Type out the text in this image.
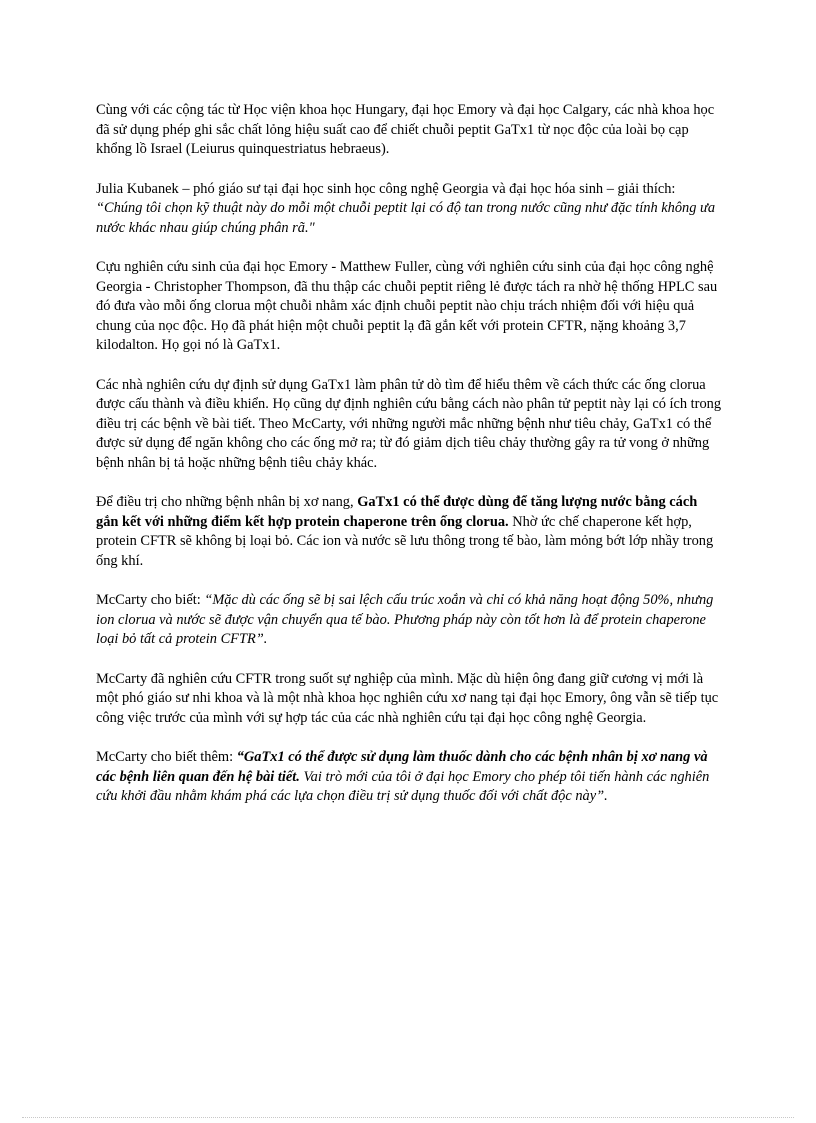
Cùng với các cộng tác từ Học viện khoa học Hungary, đại học Emory và đại học Calgary, các nhà khoa học đã sử dụng phép ghi sắc chất lỏng hiệu suất cao để chiết chuỗi peptit GaTx1 từ nọc độc của loài bọ cạp khổng lồ Israel (Leiurus quinquestriatus hebraeus).

Julia Kubanek – phó giáo sư tại đại học sinh học công nghệ Georgia và đại học hóa sinh – giải thích: “Chúng tôi chọn kỹ thuật này do mỗi một chuỗi peptit lại có độ tan trong nước cũng như đặc tính không ưa nước khác nhau giúp chúng phân rã."

Cựu nghiên cứu sinh của đại học Emory - Matthew Fuller, cùng với nghiên cứu sinh của đại học công nghệ Georgia - Christopher Thompson, đã thu thập các chuỗi peptit riêng lẻ được tách ra nhờ hệ thống HPLC sau đó đưa vào mỗi ống clorua một chuỗi nhằm xác định chuỗi peptit nào chịu trách nhiệm đối với hiệu quả chung của nọc độc. Họ đã phát hiện một chuỗi peptit lạ đã gắn kết với protein CFTR, nặng khoảng 3,7 kilodalton. Họ gọi nó là GaTx1.

Các nhà nghiên cứu dự định sử dụng GaTx1 làm phân tử dò tìm để hiểu thêm về cách thức các ống clorua được cấu thành và điều khiển. Họ cũng dự định nghiên cứu bằng cách nào phân tử peptit này lại có ích trong điều trị các bệnh về bài tiết. Theo McCarty, với những người mắc những bệnh như tiêu chảy, GaTx1 có thể được sử dụng để ngăn không cho các ống mở ra; từ đó giảm dịch tiêu chảy thường gây ra tử vong ở những bệnh nhân bị tả hoặc những bệnh tiêu chảy khác.

Để điều trị cho những bệnh nhân bị xơ nang, GaTx1 có thể được dùng để tăng lượng nước bằng cách gắn kết với những điểm kết hợp protein chaperone trên ống clorua. Nhờ ức chế chaperone kết hợp, protein CFTR sẽ không bị loại bỏ. Các ion và nước sẽ lưu thông trong tế bào, làm mỏng bớt lớp nhầy trong ống khí.

McCarty cho biết: “Mặc dù các ống sẽ bị sai lệch cấu trúc xoắn và chỉ có khả năng hoạt động 50%, nhưng ion clorua và nước sẽ được vận chuyển qua tế bào. Phương pháp này còn tốt hơn là để protein chaperone loại bỏ tất cả protein CFTR”.

McCarty đã nghiên cứu CFTR trong suốt sự nghiệp của mình. Mặc dù hiện ông đang giữ cương vị mới là một phó giáo sư nhi khoa và là một nhà khoa học nghiên cứu xơ nang tại đại học Emory, ông vẫn sẽ tiếp tục công việc trước của mình với sự hợp tác của các nhà nghiên cứu tại đại học công nghệ Georgia.

McCarty cho biết thêm: “GaTx1 có thể được sử dụng làm thuốc dành cho các bệnh nhân bị xơ nang và các bệnh liên quan đến hệ bài tiết. Vai trò mới của tôi ở đại học Emory cho phép tôi tiến hành các nghiên cứu khởi đầu nhằm khám phá các lựa chọn điều trị sử dụng thuốc đối với chất độc này”.
